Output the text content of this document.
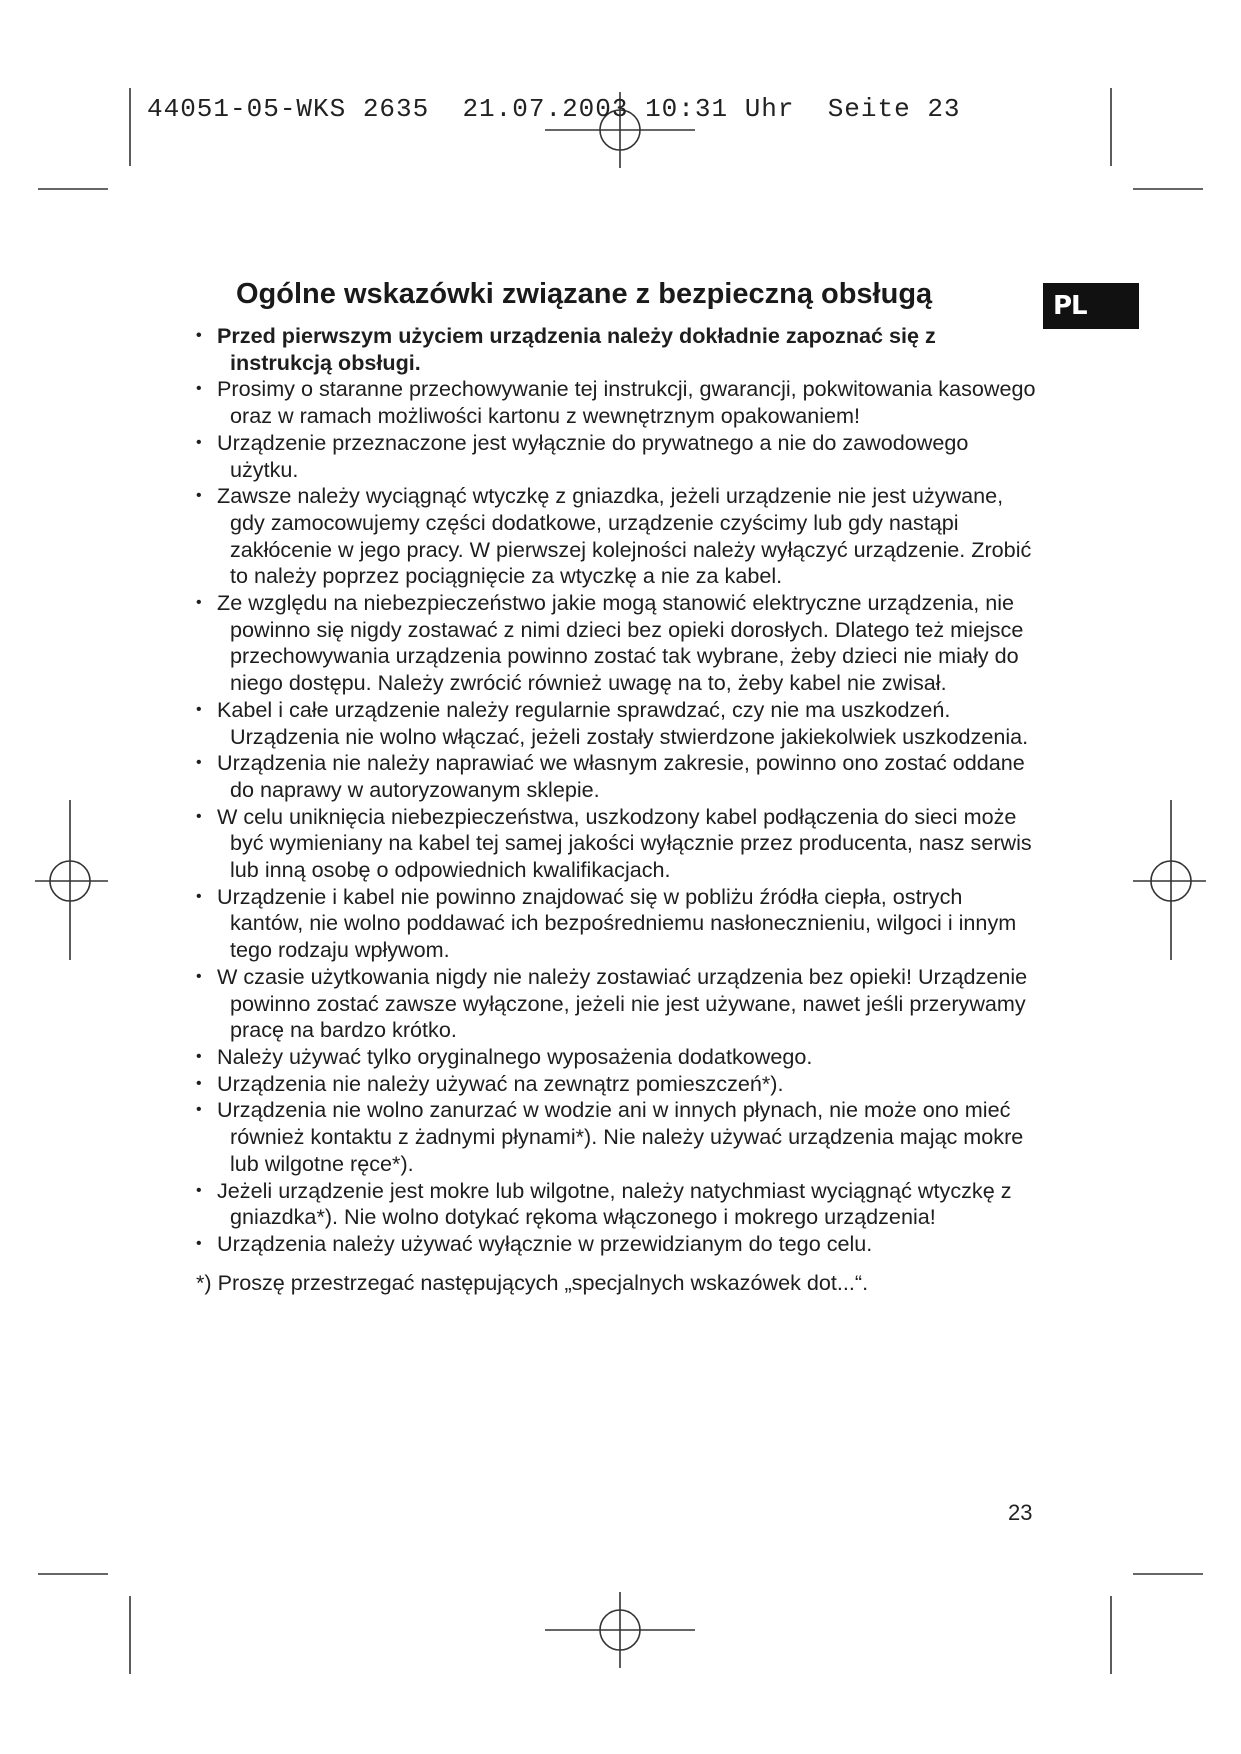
44051-05-WKS 2635  21.07.2003 10:31 Uhr  Seite 23
PL
Ogólne wskazówki związane z bezpieczną obsługą
• Przed pierwszym użyciem urządzenia należy dokładnie zapoznać się z instrukcją obsługi.
• Prosimy o staranne przechowywanie tej instrukcji, gwarancji, pokwitowania kasowego oraz w ramach możliwości kartonu z wewnętrznym opakowaniem!
• Urządzenie przeznaczone jest wyłącznie do prywatnego a nie do zawodowego użytku.
• Zawsze należy wyciągnąć wtyczkę z gniazdka, jeżeli urządzenie nie jest używane, gdy zamocowujemy części dodatkowe, urządzenie czyścimy lub gdy nastąpi zakłócenie w jego pracy. W pierwszej kolejności należy wyłączyć urządzenie. Zrobić to należy poprzez pociągnięcie za wtyczkę a nie za kabel.
• Ze względu na niebezpieczeństwo jakie mogą stanowić elektryczne urządzenia, nie powinno się nigdy zostawać z nimi dzieci bez opieki dorosłych. Dlatego też miejsce przechowywania urządzenia powinno zostać tak wybrane, żeby dzieci nie miały do niego dostępu. Należy zwrócić również uwagę na to, żeby kabel nie zwisał.
• Kabel i całe urządzenie należy regularnie sprawdzać, czy nie ma uszkodzeń. Urządzenia nie wolno włączać, jeżeli zostały stwierdzone jakiekolwiek uszkodzenia.
• Urządzenia nie należy naprawiać we własnym zakresie, powinno ono zostać oddane do naprawy w autoryzowanym sklepie.
• W celu uniknięcia niebezpieczeństwa, uszkodzony kabel podłączenia do sieci może być wymieniany na kabel tej samej jakości wyłącznie przez producenta, nasz serwis lub inną osobę o odpowiednich kwalifikacjach.
• Urządzenie i kabel nie powinno znajdować się w pobliżu źródła ciepła, ostrych kantów, nie wolno poddawać ich bezpośredniemu nasłonecznieniu, wilgoci i innym tego rodzaju wpływom.
• W czasie użytkowania nigdy nie należy zostawiać urządzenia bez opieki! Urządzenie powinno zostać zawsze wyłączone, jeżeli nie jest używane, nawet jeśli przerywamy pracę na bardzo krótko.
• Należy używać tylko oryginalnego wyposażenia dodatkowego.
• Urządzenia nie należy używać na zewnątrz pomieszczeń*).
• Urządzenia nie wolno zanurzać w wodzie ani w innych płynach, nie może ono mieć również kontaktu z żadnymi płynami*). Nie należy używać urządzenia mając mokre lub wilgotne ręce*).
• Jeżeli urządzenie jest mokre lub wilgotne, należy natychmiast wyciągnąć wtyczkę z gniazdka*). Nie wolno dotykać rękoma włączonego i mokrego urządzenia!
• Urządzenia należy używać wyłącznie w przewidzianym do tego celu.

*) Proszę przestrzegać następujących „specjalnych wskazówek dot...“.

23
